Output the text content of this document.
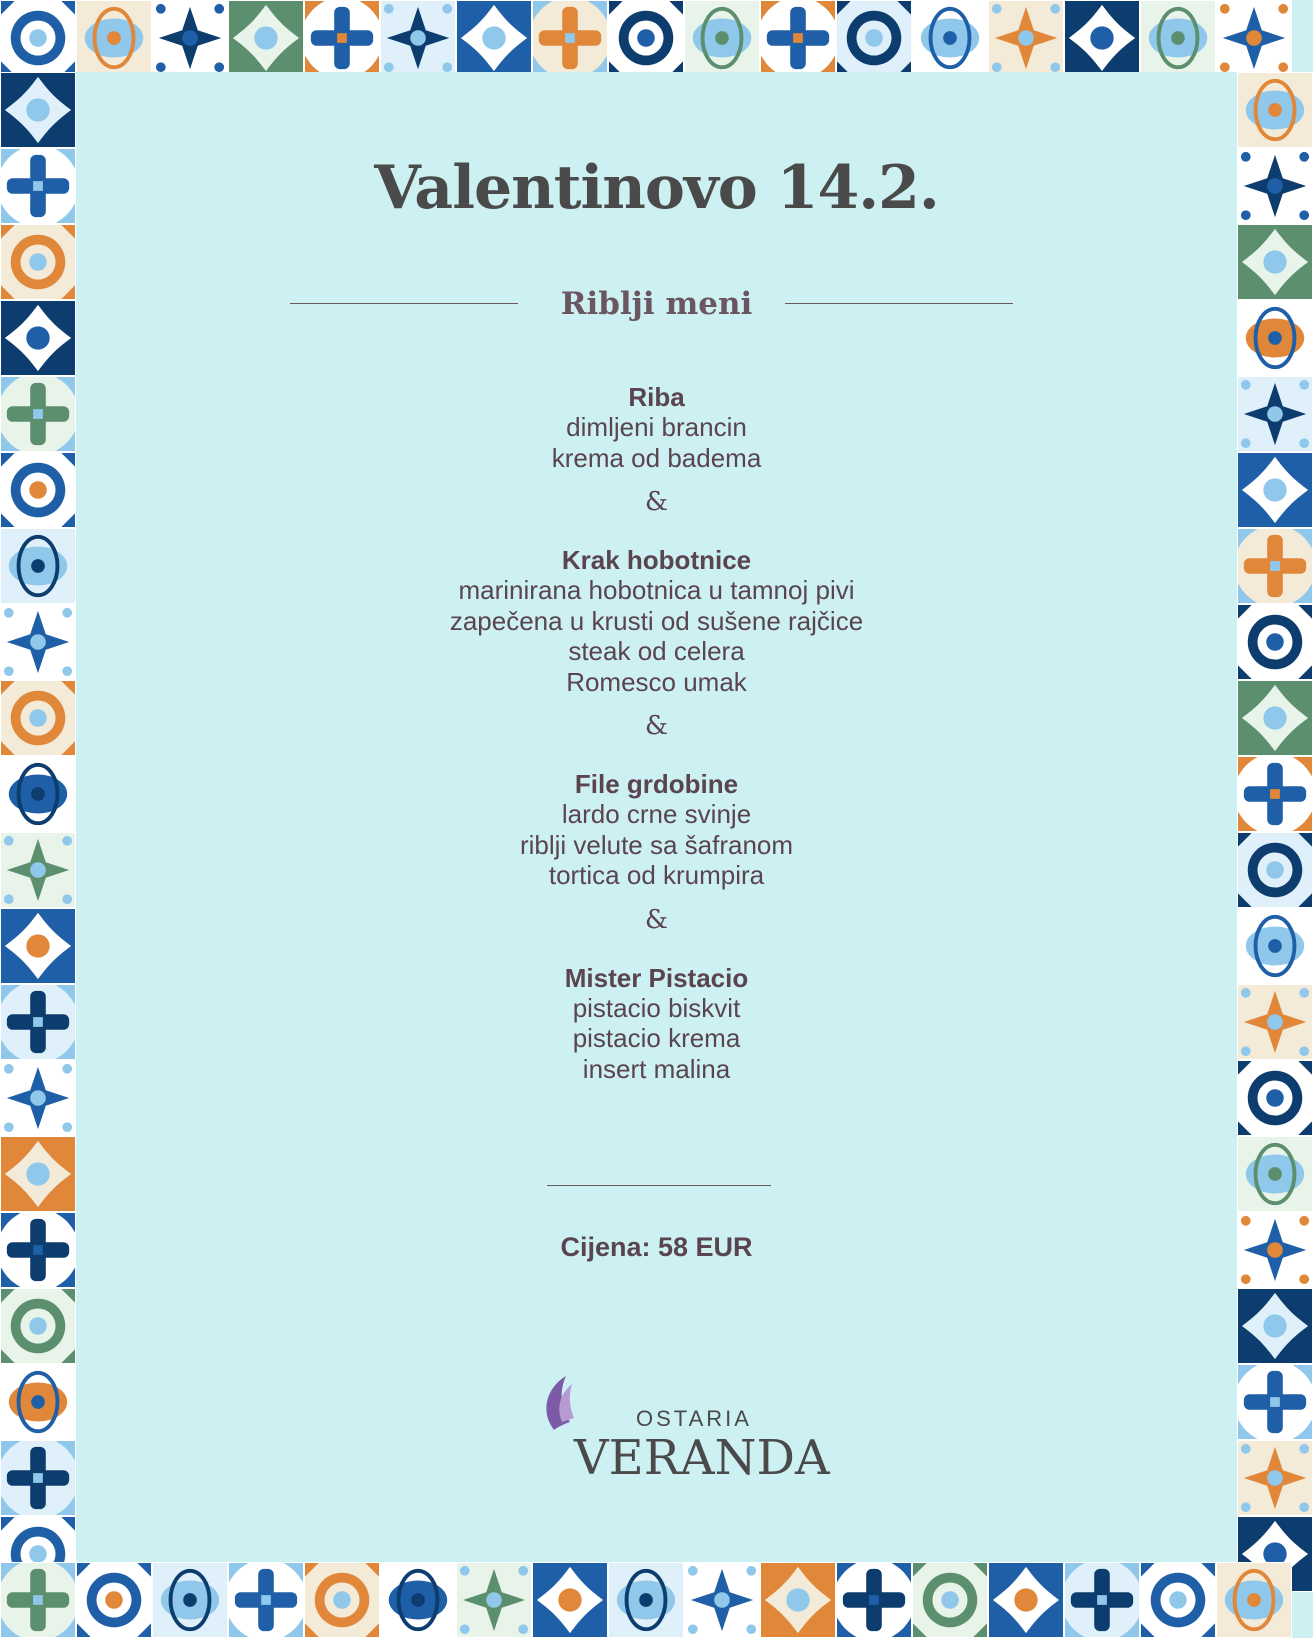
Valentinovo 14.2.
Riblji meni
Riba
dimljeni brancin
krema od badema
&
Krak hobotnice
marinirana hobotnica u tamnoj pivi
zapečena u krusti od sušene rajčice
steak od celera
Romesco umak
&
File grdobine
lardo crne svinje
riblji velute sa šafranom
tortica od krumpira
&
Mister Pistacio
pistacio biskvit
pistacio krema
insert malina
Cijena: 58 EUR
OSTARIA
VERANDA
